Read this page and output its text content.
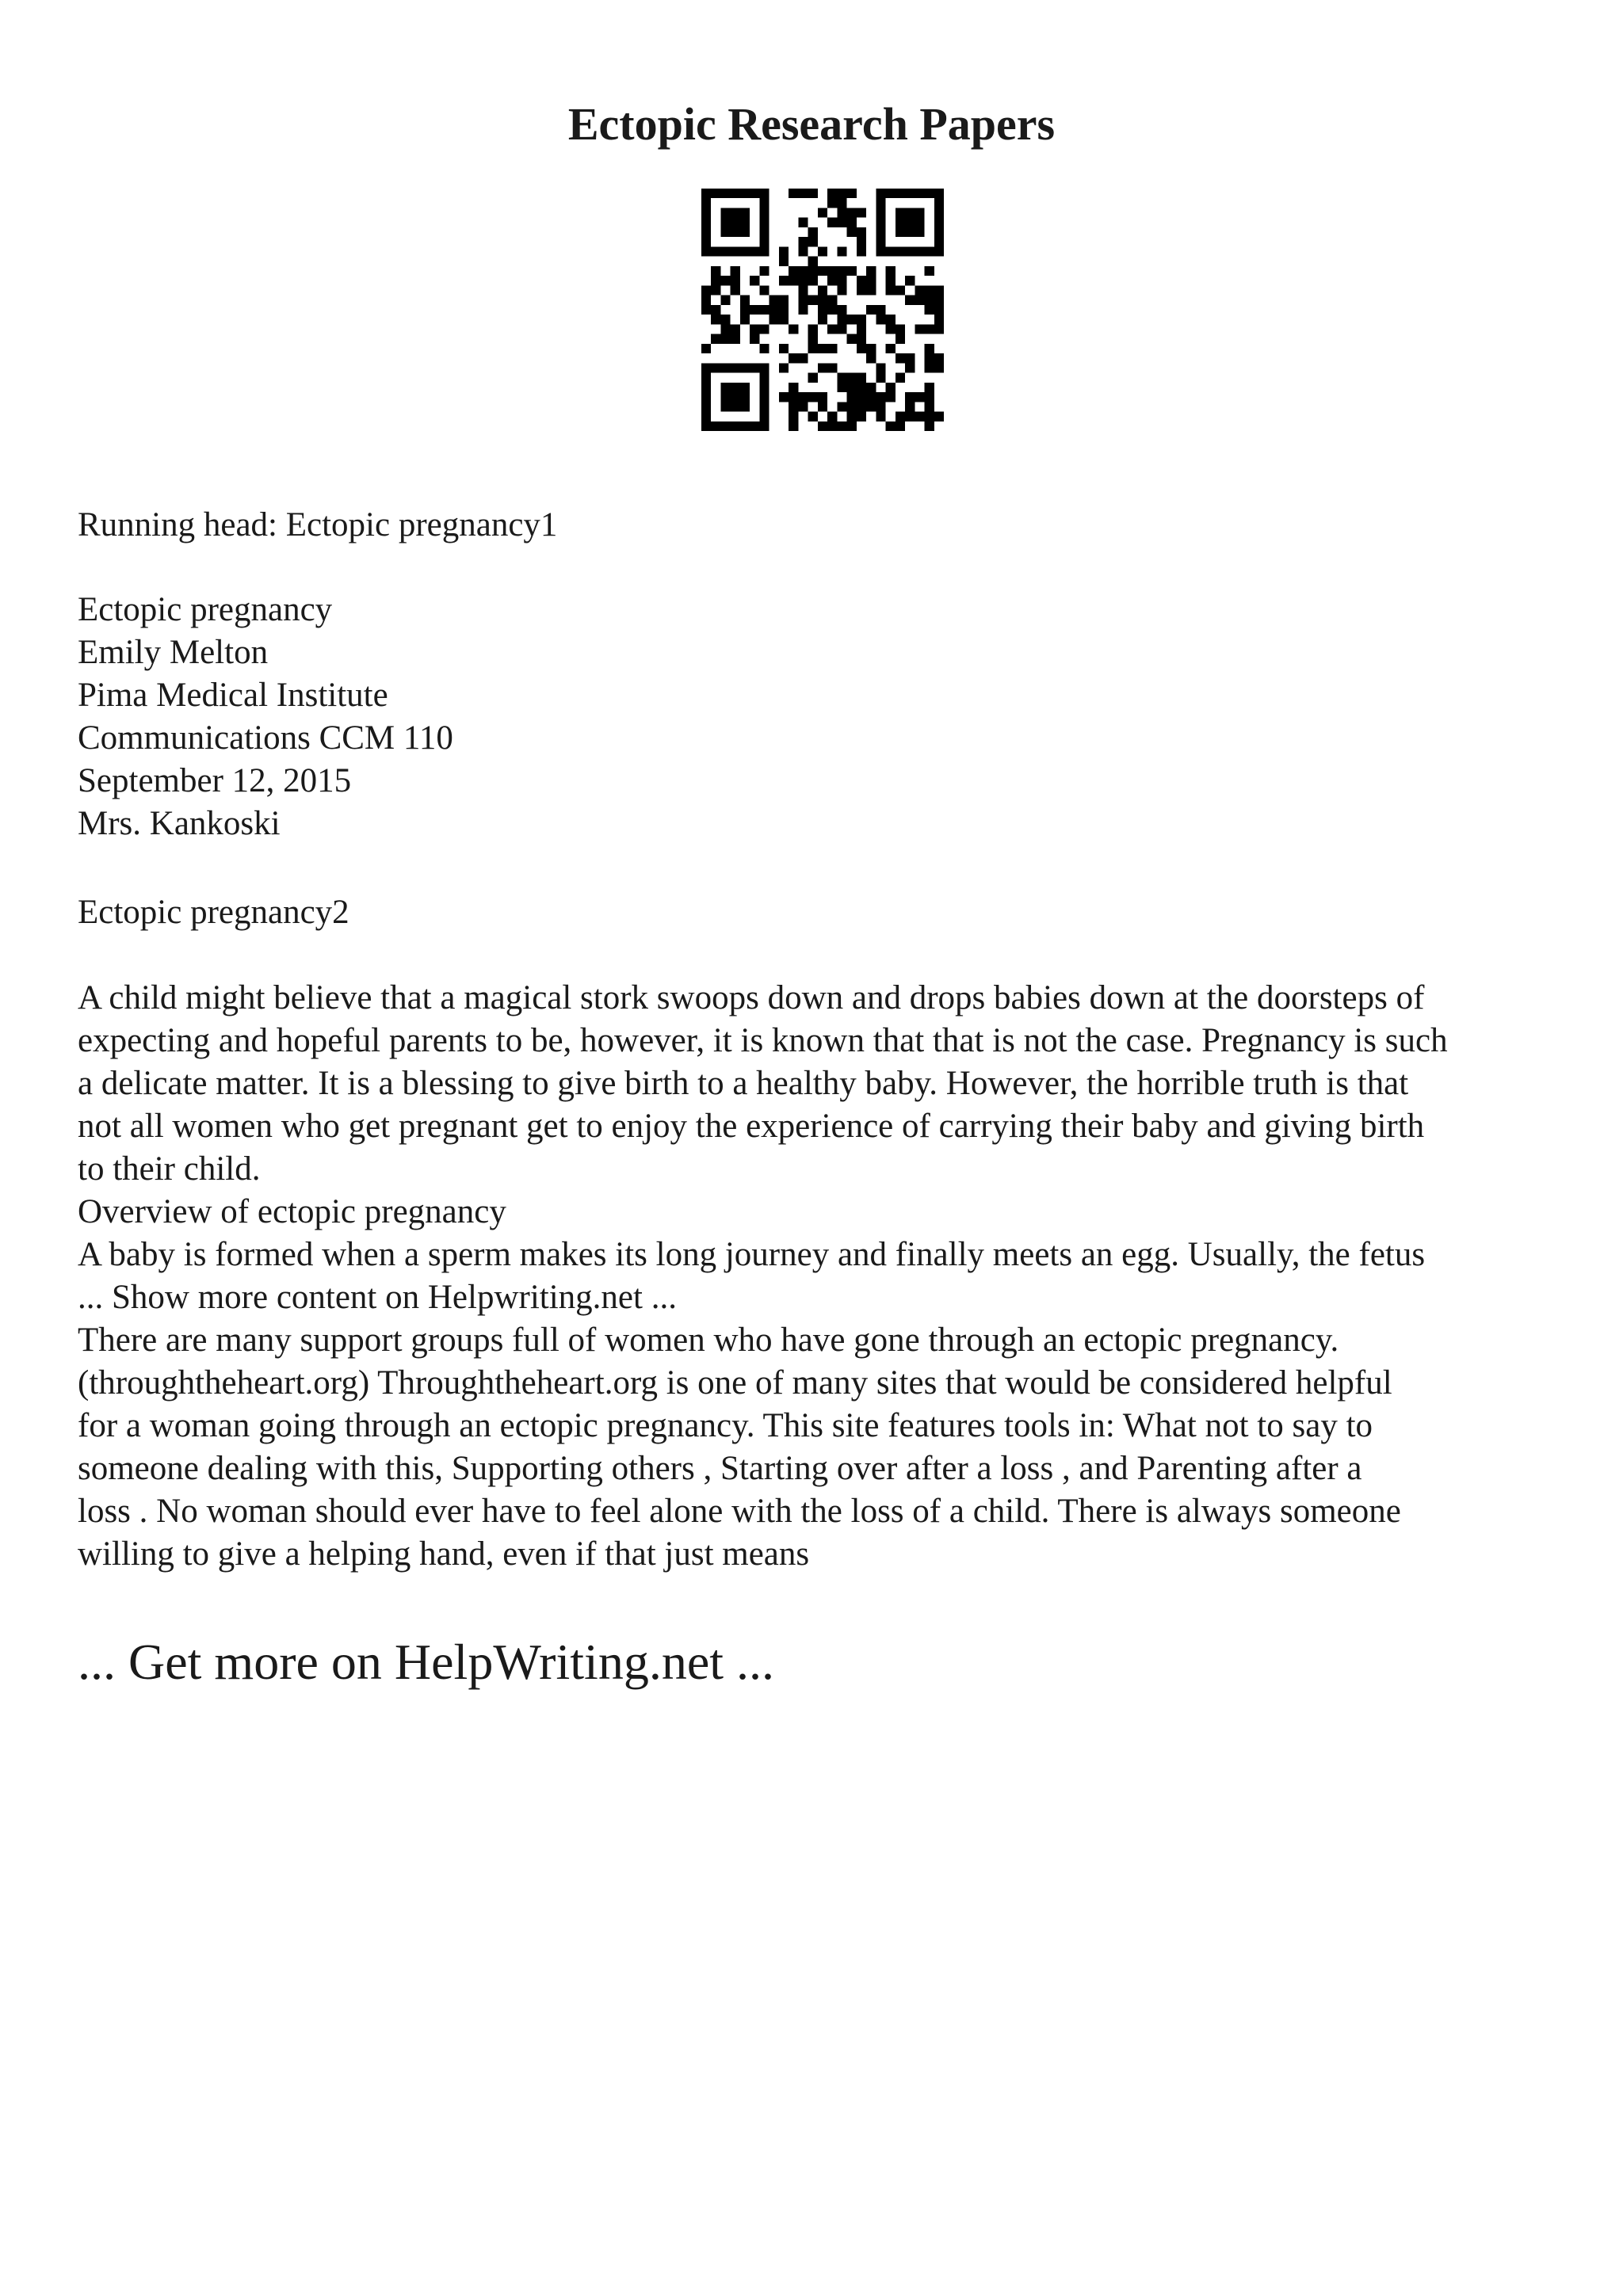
Ectopic Research Papers

Running head: Ectopic pregnancy1

Ectopic pregnancy

Emily Melton

Pima Medical Institute

Communications CCM 110

September 12, 2015

Mrs. Kankoski

Ectopic pregnancy2

A child might believe that a magical stork swoops down and drops babies down at the doorsteps of

expecting and hopeful parents to be, however, it is known that that is not the case. Pregnancy is such

a delicate matter. It is a blessing to give birth to a healthy baby. However, the horrible truth is that

not all women who get pregnant get to enjoy the experience of carrying their baby and giving birth

to their child.

Overview of ectopic pregnancy

A baby is formed when a sperm makes its long journey and finally meets an egg. Usually, the fetus

... Show more content on Helpwriting.net ...

There are many support groups full of women who have gone through an ectopic pregnancy.

(throughtheheart.org) Throughtheheart.org is one of many sites that would be considered helpful

for a woman going through an ectopic pregnancy. This site features tools in: What not to say to

someone dealing with this, Supporting others , Starting over after a loss , and Parenting after a

loss . No woman should ever have to feel alone with the loss of a child. There is always someone

willing to give a helping hand, even if that just means

... Get more on HelpWriting.net ...
